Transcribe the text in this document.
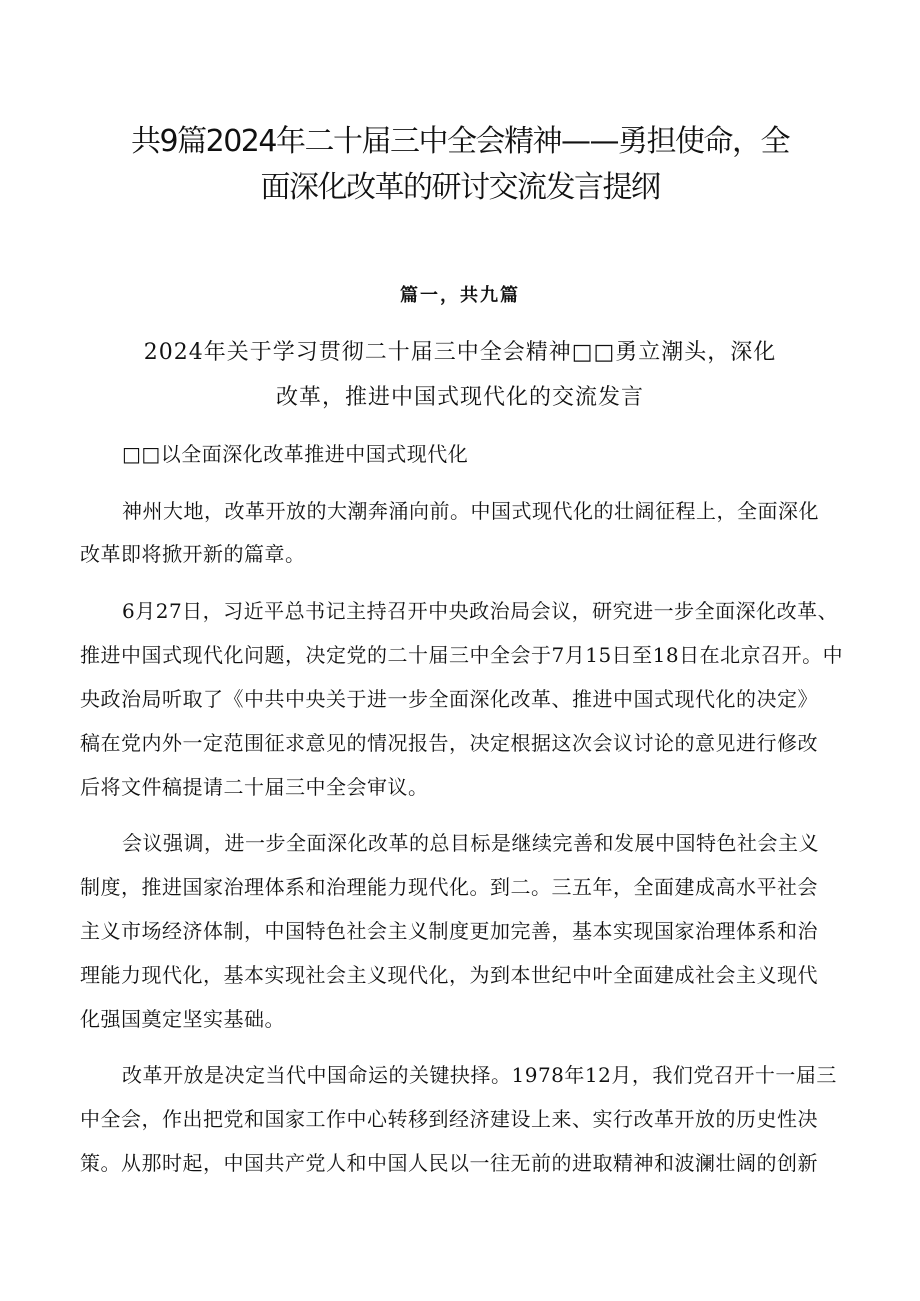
共9篇2024年二十届三中全会精神——勇担使命，全
面深化改革的研讨交流发言提纲
篇一，共九篇
2024年关于学习贯彻二十届三中全会精神□□勇立潮头，深化
改革，推进中国式现代化的交流发言
□□以全面深化改革推进中国式现代化
神州大地，改革开放的大潮奔涌向前。中国式现代化的壮阔征程上，全面深化
改革即将掀开新的篇章。
6月27日，习近平总书记主持召开中央政治局会议，研究进一步全面深化改革、
推进中国式现代化问题，决定党的二十届三中全会于7月15日至18日在北京召开。中
央政治局听取了《中共中央关于进一步全面深化改革、推进中国式现代化的决定》
稿在党内外一定范围征求意见的情况报告，决定根据这次会议讨论的意见进行修改
后将文件稿提请二十届三中全会审议。
会议强调，进一步全面深化改革的总目标是继续完善和发展中国特色社会主义
制度，推进国家治理体系和治理能力现代化。到二。三五年，全面建成高水平社会
主义市场经济体制，中国特色社会主义制度更加完善，基本实现国家治理体系和治
理能力现代化，基本实现社会主义现代化，为到本世纪中叶全面建成社会主义现代
化强国奠定坚实基础。
改革开放是决定当代中国命运的关键抉择。1978年12月，我们党召开十一届三
中全会，作出把党和国家工作中心转移到经济建设上来、实行改革开放的历史性决
策。从那时起，中国共产党人和中国人民以一往无前的进取精神和波澜壮阔的创新
